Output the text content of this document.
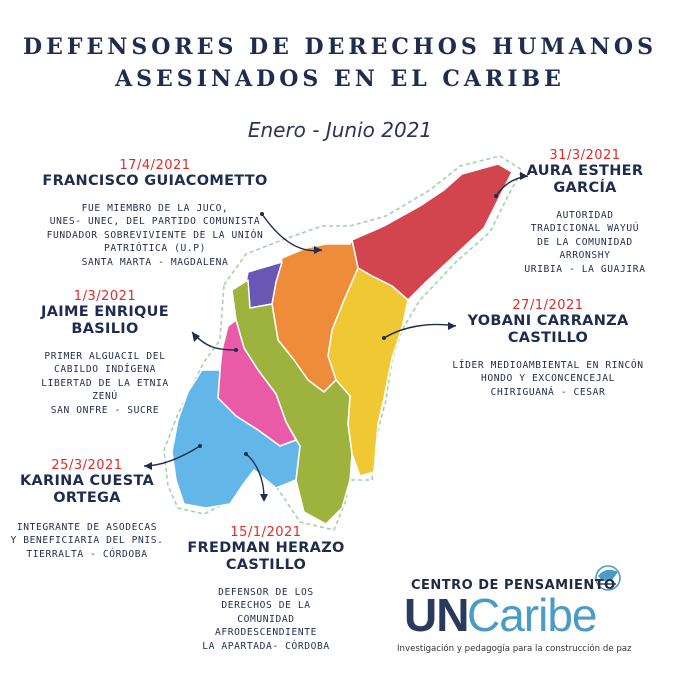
DEFENSORES DE DERECHOS HUMANOS
ASESINADOS EN EL CARIBE
Enero - Junio 2021
17/4/2021
FRANCISCO GUIACOMETTO
FUE MIEMBRO DE LA JUCO,
UNES- UNEC, DEL PARTIDO COMUNISTA
FUNDADOR SOBREVIVIENTE DE LA UNIÓN
PATRIÓTICA (U.P)
SANTA MARTA - MAGDALENA
31/3/2021
AURA ESTHER
GARCÍA
AUTORIDAD
TRADICIONAL WAYUÚ
DE LA COMUNIDAD
ARRONSHY
URIBIA - LA GUAJIRA
1/3/2021
JAIME ENRIQUE
BASILIO
PRIMER ALGUACIL DEL
CABILDO INDÍGENA
LIBERTAD DE LA ETNIA
ZENÚ
SAN ONFRE - SUCRE
27/1/2021
YOBANI CARRANZA
CASTILLO
LÍDER MEDIOAMBIENTAL EN RINCÓN
HONDO Y EXCONCENCEJAL
CHIRIGUANÁ - CESAR
25/3/2021
KARINA CUESTA
ORTEGA
INTEGRANTE DE ASODECAS
Y BENEFICIARIA DEL PNIS.
TIERRALTA - CÓRDOBA
15/1/2021
FREDMAN HERAZO
CASTILLO
DEFENSOR DE LOS
DERECHOS DE LA
COMUNIDAD
AFRODESCENDIENTE
LA APARTADA- CÓRDOBA
CENTRO DE PENSAMIENTO
UN
Caribe
Investigación y pedagogía para la construcción de paz
